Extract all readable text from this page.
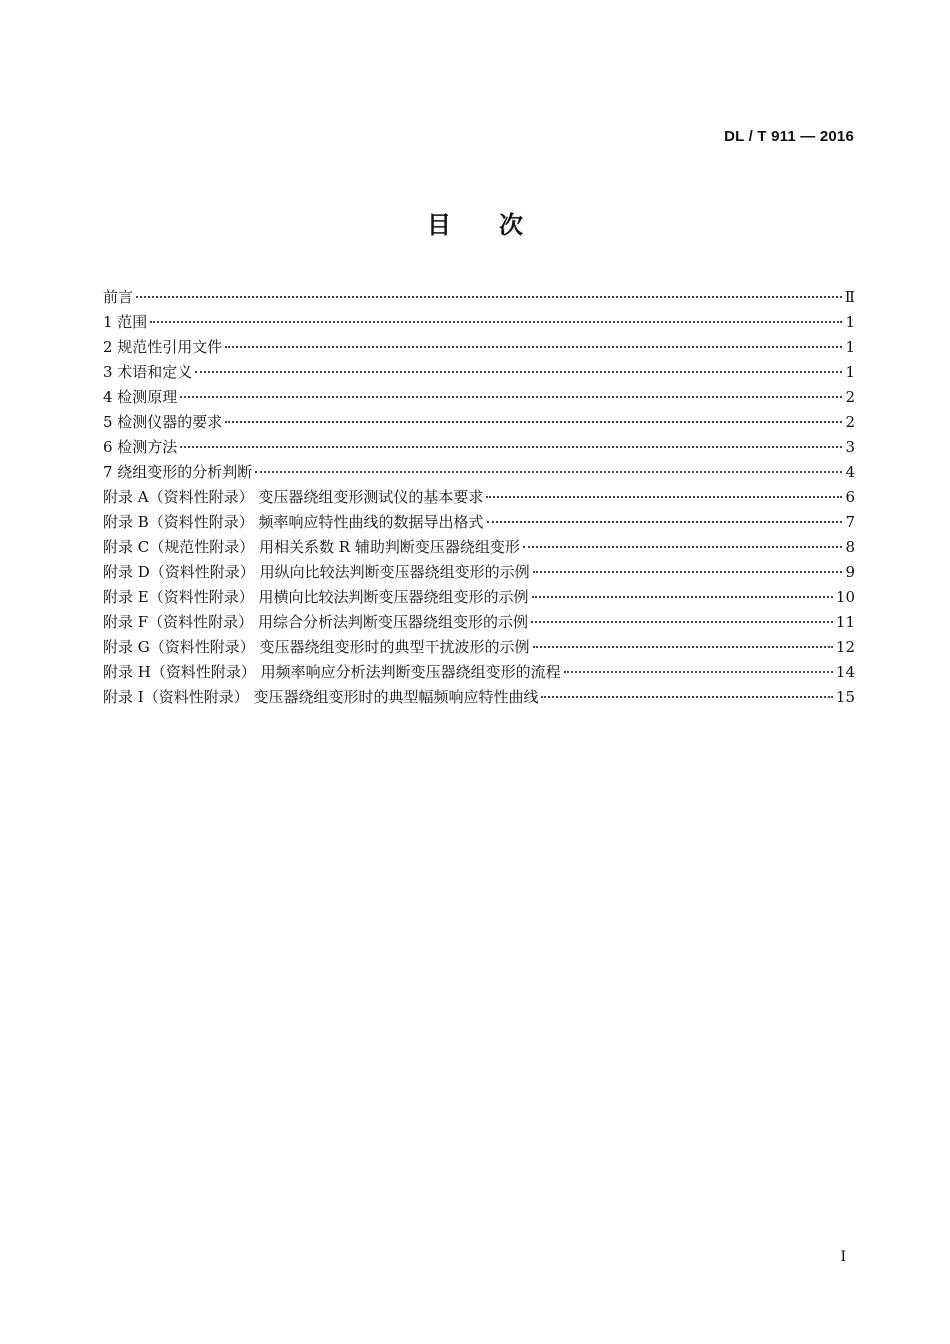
DL / T 911 — 2016
目次
前言	Ⅱ
1 范围	1
2 规范性引用文件	1
3 术语和定义	1
4 检测原理	2
5 检测仪器的要求	2
6 检测方法	3
7 绕组变形的分析判断	4
附录 A（资料性附录） 变压器绕组变形测试仪的基本要求	6
附录 B（资料性附录） 频率响应特性曲线的数据导出格式	7
附录 C（规范性附录） 用相关系数 R 辅助判断变压器绕组变形	8
附录 D（资料性附录） 用纵向比较法判断变压器绕组变形的示例	9
附录 E（资料性附录） 用横向比较法判断变压器绕组变形的示例	10
附录 F（资料性附录） 用综合分析法判断变压器绕组变形的示例	11
附录 G（资料性附录） 变压器绕组变形时的典型干扰波形的示例	12
附录 H（资料性附录） 用频率响应分析法判断变压器绕组变形的流程	14
附录 I（资料性附录） 变压器绕组变形时的典型幅频响应特性曲线	15
I
